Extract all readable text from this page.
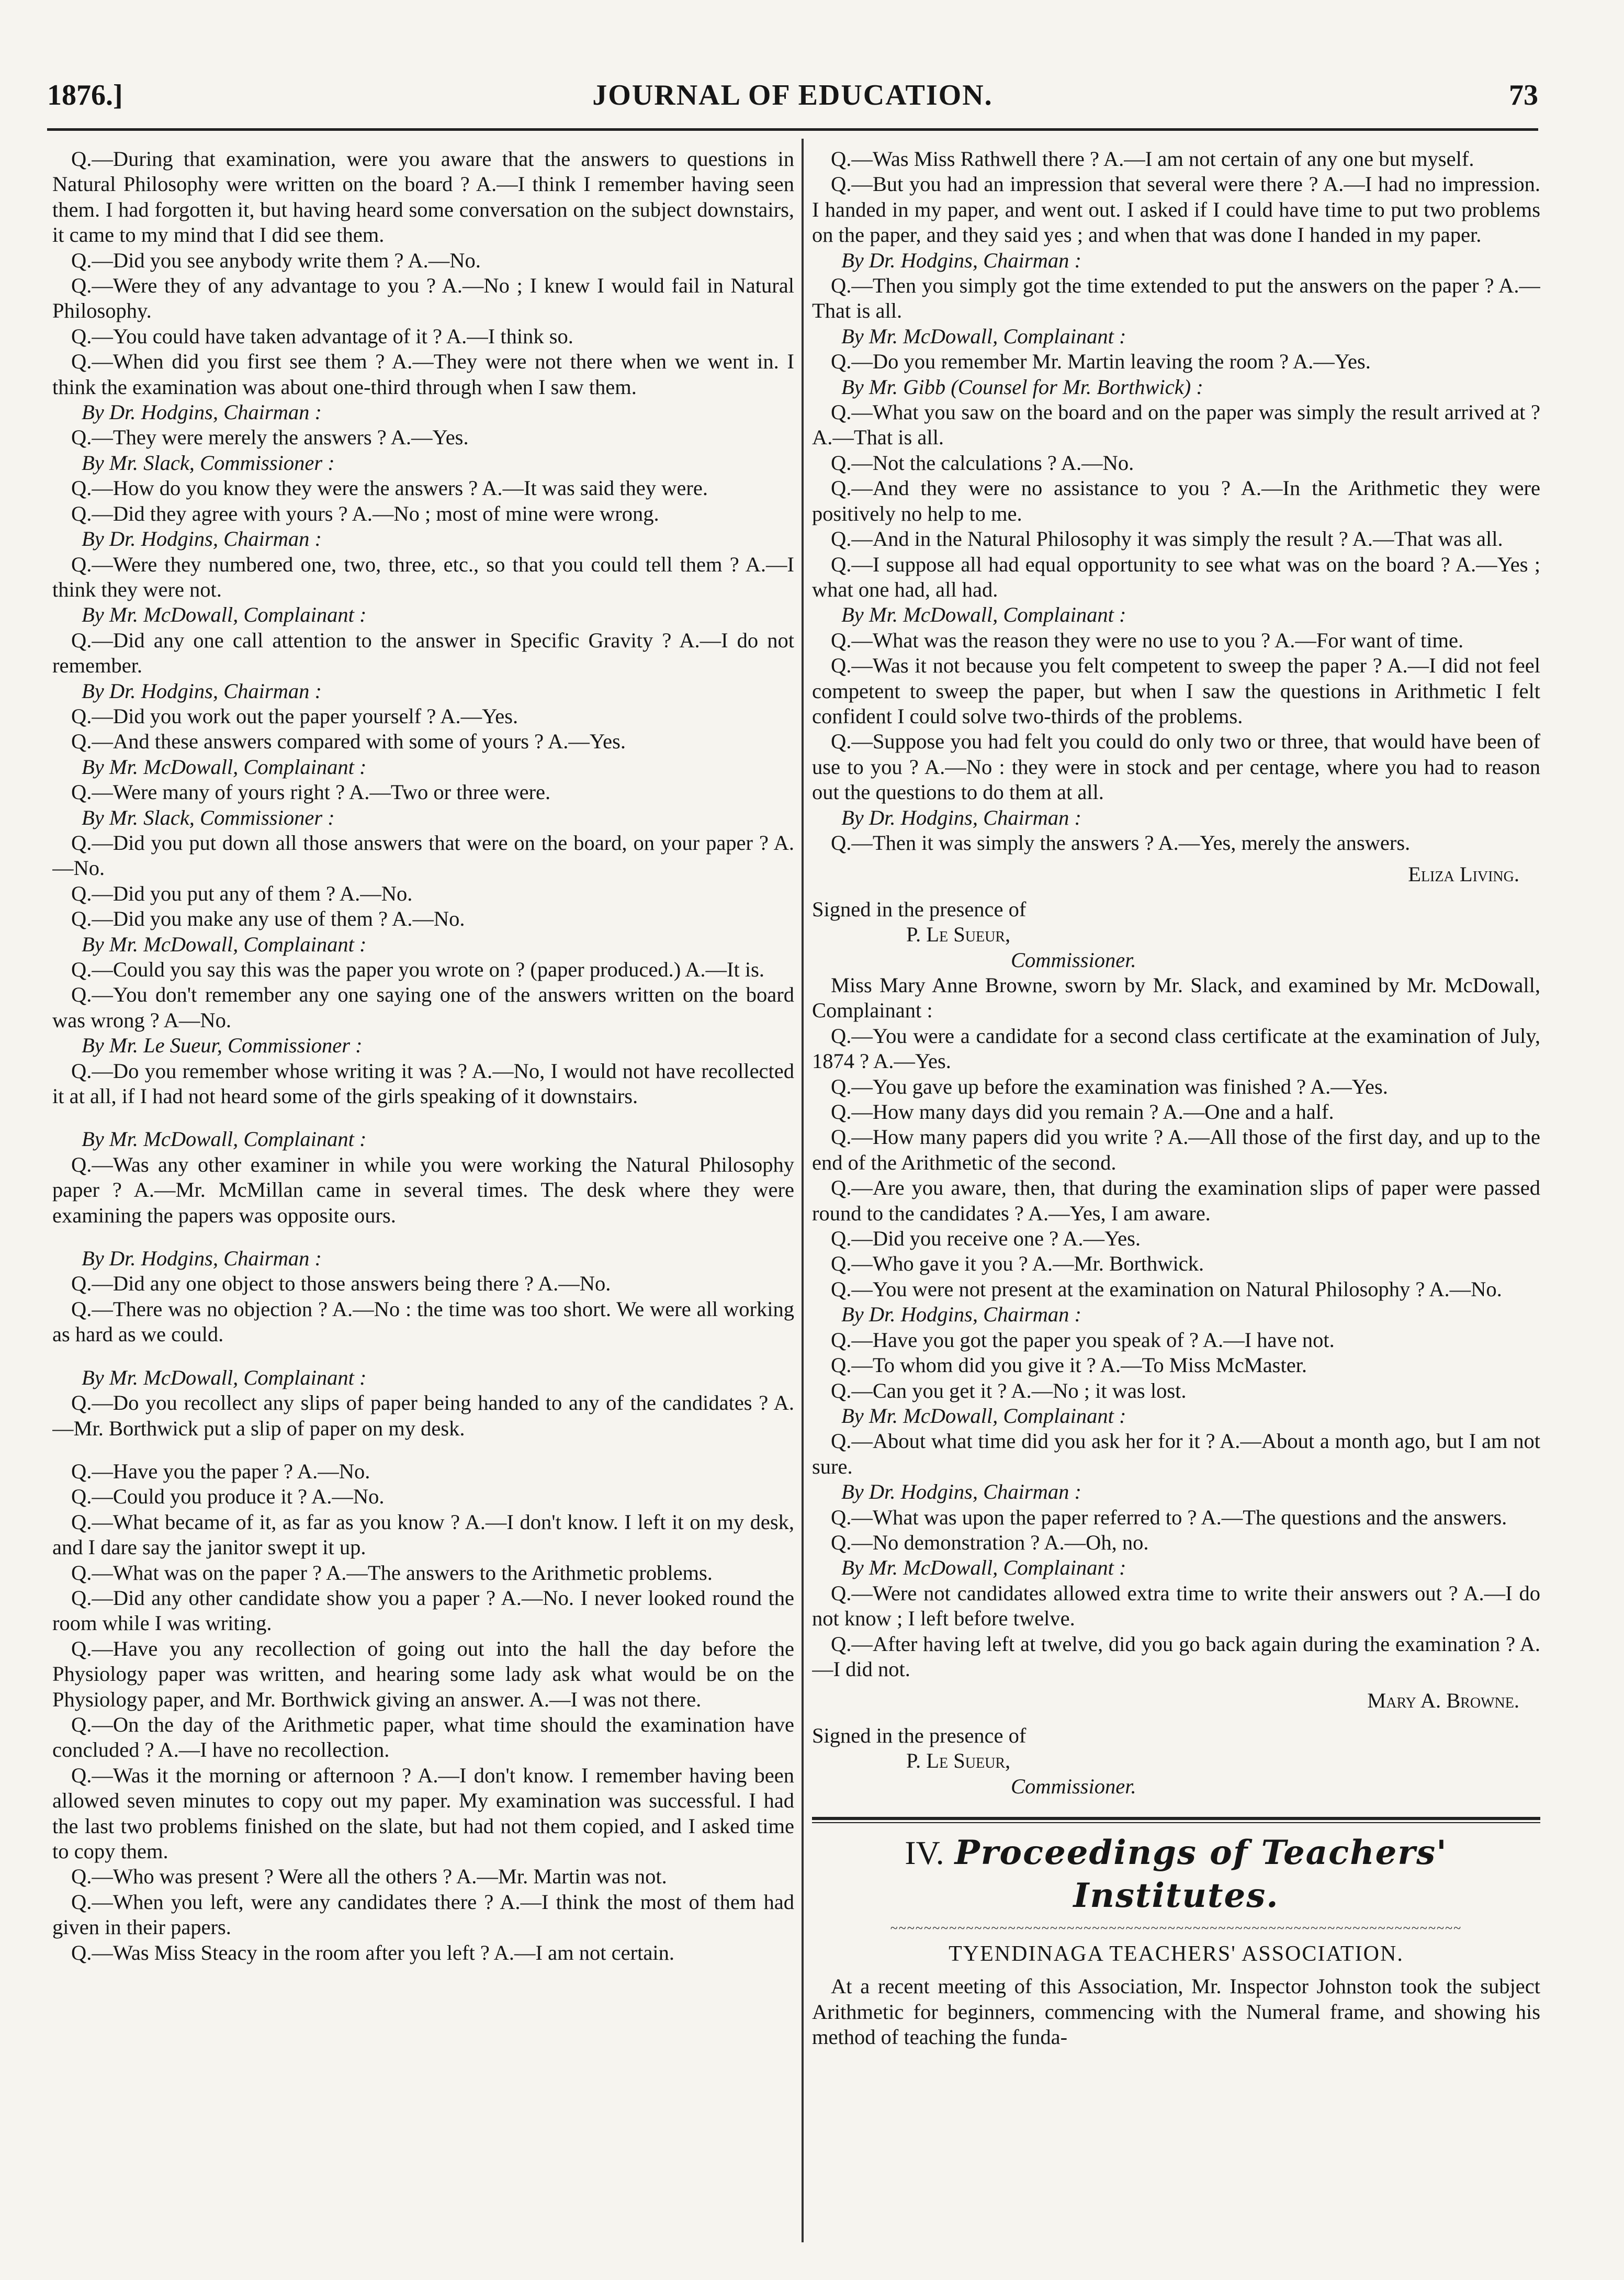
JOURNAL OF EDUCATION.
1876.]	73

Q.—During that examination, were you aware that the answers to questions in Natural Philosophy were written on the board ? A.—I think I remember having seen them. I had forgotten it, but having heard some conversation on the subject downstairs, it came to my mind that I did see them.

Q.—Did you see anybody write them ? A.—No.

Q.—Were they of any advantage to you ? A.—No ; I knew I would fail in Natural Philosophy.

Q.—You could have taken advantage of it ? A.—I think so.

Q.—When did you first see them ? A.—They were not there when we went in. I think the examination was about one-third through when I saw them.

By Dr. Hodgins, Chairman :

Q.—They were merely the answers ? A.—Yes.

By Mr. Slack, Commissioner :

Q.—How do you know they were the answers ? A.—It was said they were.

Q.—Did they agree with yours ? A.—No ; most of mine were wrong.

By Dr. Hodgins, Chairman :

Q.—Were they numbered one, two, three, etc., so that you could tell them ? A.—I think they were not.

By Mr. McDowall, Complainant :

Q.—Did any one call attention to the answer in Specific Gravity ? A.—I do not remember.

By Dr. Hodgins, Chairman :

Q.—Did you work out the paper yourself ? A.—Yes.

Q.—And these answers compared with some of yours ? A.—Yes.

By Mr. McDowall, Complainant :

Q.—Were many of yours right ? A.—Two or three were.

By Mr. Slack, Commissioner :

Q.—Did you put down all those answers that were on the board, on your paper ? A.—No.

Q.—Did you put any of them ? A.—No.

Q.—Did you make any use of them ? A.—No.

By Mr. McDowall, Complainant :

Q.—Could you say this was the paper you wrote on ? (paper produced.) A.—It is.

Q.—You don't remember any one saying one of the answers written on the board was wrong ? A—No.

By Mr. Le Sueur, Commissioner :

Q.—Do you remember whose writing it was ? A.—No, I would not have recollected it at all, if I had not heard some of the girls speaking of it downstairs.

By Mr. McDowall, Complainant :

Q.—Was any other examiner in while you were working the Natural Philosophy paper ? A.—Mr. McMillan came in several times. The desk where they were examining the papers was opposite ours.

By Dr. Hodgins, Chairman :

Q.—Did any one object to those answers being there ? A.—No.

Q.—There was no objection ? A.—No : the time was too short. We were all working as hard as we could.

By Mr. McDowall, Complainant :

Q.—Do you recollect any slips of paper being handed to any of the candidates ? A.—Mr. Borthwick put a slip of paper on my desk.

Q.—Have you the paper ? A.—No.

Q.—Could you produce it ? A.—No.

Q.—What became of it, as far as you know ? A.—I don't know. I left it on my desk, and I dare say the janitor swept it up.

Q.—What was on the paper ? A.—The answers to the Arithmetic problems.

Q.—Did any other candidate show you a paper ? A.—No. I never looked round the room while I was writing.

Q.—Have you any recollection of going out into the hall the day before the Physiology paper was written, and hearing some lady ask what would be on the Physiology paper, and Mr. Borthwick giving an answer. A.—I was not there.

Q.—On the day of the Arithmetic paper, what time should the examination have concluded ? A.—I have no recollection.

Q.—Was it the morning or afternoon ? A.—I don't know. I remember having been allowed seven minutes to copy out my paper. My examination was successful. I had the last two problems finished on the slate, but had not them copied, and I asked time to copy them.

Q.—Who was present ? Were all the others ? A.—Mr. Martin was not.

Q.—When you left, were any candidates there ? A.—I think the most of them had given in their papers.

Q.—Was Miss Steacy in the room after you left ? A.—I am not certain.

Q.—Was Miss Rathwell there ? A.—I am not certain of any one but myself.

Q.—But you had an impression that several were there ? A.—I had no impression. I handed in my paper, and went out. I asked if I could have time to put two problems on the paper, and they said yes ; and when that was done I handed in my paper.

By Dr. Hodgins, Chairman :

Q.—Then you simply got the time extended to put the answers on the paper ? A.—That is all.

By Mr. McDowall, Complainant :

Q.—Do you remember Mr. Martin leaving the room ? A.—Yes.

By Mr. Gibb (Counsel for Mr. Borthwick) :

Q.—What you saw on the board and on the paper was simply the result arrived at ? A.—That is all.

Q.—Not the calculations ? A.—No.

Q.—And they were no assistance to you ? A.—In the Arithmetic they were positively no help to me.

Q.—And in the Natural Philosophy it was simply the result ? A.—That was all.

Q.—I suppose all had equal opportunity to see what was on the board ? A.—Yes ; what one had, all had.

By Mr. McDowall, Complainant :

Q.—What was the reason they were no use to you ? A.—For want of time.

Q.—Was it not because you felt competent to sweep the paper ? A.—I did not feel competent to sweep the paper, but when I saw the questions in Arithmetic I felt confident I could solve two-thirds of the problems.

Q.—Suppose you had felt you could do only two or three, that would have been of use to you ? A.—No : they were in stock and per centage, where you had to reason out the questions to do them at all.

By Dr. Hodgins, Chairman :

Q.—Then it was simply the answers ? A.—Yes, merely the answers.

Eliza Living.

Signed in the presence of

P. Le Sueur,

Commissioner.

Miss Mary Anne Browne, sworn by Mr. Slack, and examined by Mr. McDowall, Complainant :

Q.—You were a candidate for a second class certificate at the examination of July, 1874 ? A.—Yes.

Q.—You gave up before the examination was finished ? A.—Yes.

Q.—How many days did you remain ? A.—One and a half.

Q.—How many papers did you write ? A.—All those of the first day, and up to the end of the Arithmetic of the second.

Q.—Are you aware, then, that during the examination slips of paper were passed round to the candidates ? A.—Yes, I am aware.

Q.—Did you receive one ? A.—Yes.

Q.—Who gave it you ? A.—Mr. Borthwick.

Q.—You were not present at the examination on Natural Philosophy ? A.—No.

By Dr. Hodgins, Chairman :

Q.—Have you got the paper you speak of ? A.—I have not.

Q.—To whom did you give it ? A.—To Miss McMaster.

Q.—Can you get it ? A.—No ; it was lost.

By Mr. McDowall, Complainant :

Q.—About what time did you ask her for it ? A.—About a month ago, but I am not sure.

By Dr. Hodgins, Chairman :

Q.—What was upon the paper referred to ? A.—The questions and the answers.

Q.—No demonstration ? A.—Oh, no.

By Mr. McDowall, Complainant :

Q.—Were not candidates allowed extra time to write their answers out ? A.—I do not know ; I left before twelve.

Q.—After having left at twelve, did you go back again during the examination ? A.—I did not.

Mary A. Browne.

Signed in the presence of

P. Le Sueur,

Commissioner.

IV. Proceedings of Teachers' Institutes.
~~~~~~~~~~~~~~~~~~~~~~~~~~~~~~~~~~~~~~~~~~~~~~~~~~~~~~~~~~~~~~~~~~~~

TYENDINAGA TEACHERS' ASSOCIATION.

At a recent meeting of this Association, Mr. Inspector Johnston took the subject Arithmetic for beginners, commencing with the Numeral frame, and showing his method of teaching the funda-
